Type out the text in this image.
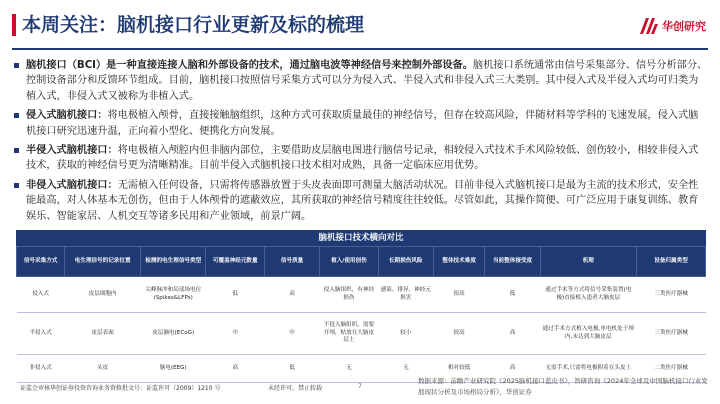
本周关注：脑机接口行业更新及标的梳理	华创研究
脑机接口（BCI）是一种直接连接人脑和外部设备的技术，通过脑电波等神经信号来控制外部设备。脑机接口系统通常由信号采集部分、信号分析部分、控制设备部分和反馈环节组成。目前，脑机接口按照信号采集方式可以分为侵入式、半侵入式和非侵入式三大类别。其中侵入式及半侵入式均可归类为植入式，非侵入式又被称为非植入式。
侵入式脑机接口：将电极植入颅骨，直接接触脑组织，这种方式可获取质量最佳的神经信号，但存在较高风险，伴随材料等学科的飞速发展，侵入式脑机接口研究迅速升温，正向着小型化、便携化方向发展。
半侵入式脑机接口：将电极植入颅腔内但非脑内部位，主要借助皮层脑电图进行脑信号记录，相较侵入式技术手术风险较低、创伤较小，相较非侵入式技术，获取的神经信号更为清晰精准。目前半侵入式脑机接口技术相对成熟，具备一定临床应用优势。
非侵入式脑机接口：无需植入任何设备，只需将传感器放置于头皮表面即可测量大脑活动状况。目前非侵入式脑机接口是最为主流的技术形式，安全性能最高，对人体基本无创伤，但由于人体颅骨的遮蔽效应，其所获取的神经信号精度往往较低。尽管如此，其操作简便、可广泛应用于康复训练、教育娱乐、智能家居、人机交互等诸多民用和产业领域，前景广阔。
脑机接口技术横向对比
信号采集方式	电生理信号的记录位置	检测的电生理信号类型	可覆盖神经元数量	信号质量	植入/使用创伤	长期损伤风险	整体技术难度	当前整体接受度	机理	设备归属类型
侵入式	皮层细胞内	尖峰脉冲和局部场电位(Spikes&LFPs)	低	高	侵入脑组织，有神经损伤	感染、排异、神经元损害	很高	低	通过手术等方式将信号采集装置(电极)直接植入患者大脑皮层	三类医疗器械
半侵入式	皮层表面	皮层脑电(ECoG)	中	中	不侵入脑组织，需要开颅，贴放在大脑皮层上	较小	较高	高	通过手术方式植入电极,单电机处于颅内,未达到大脑皮层	三类医疗器械
非侵入式	头皮	脑电(EEG)	高	低	无	无	相对较低	高	无需手术,只需将电极附着在头皮上	二类医疗器械
证监会审核华创证券投资咨询业务资格批文号：证监许可（2009）1210 号	未经许可，禁止转载	7
数据来源：前瞻产业研究院《2025脑机接口蓝皮书》，智研咨询《2024年全球及中国脑机接口行业发展现状分析及市场格局分析》，华创证券
